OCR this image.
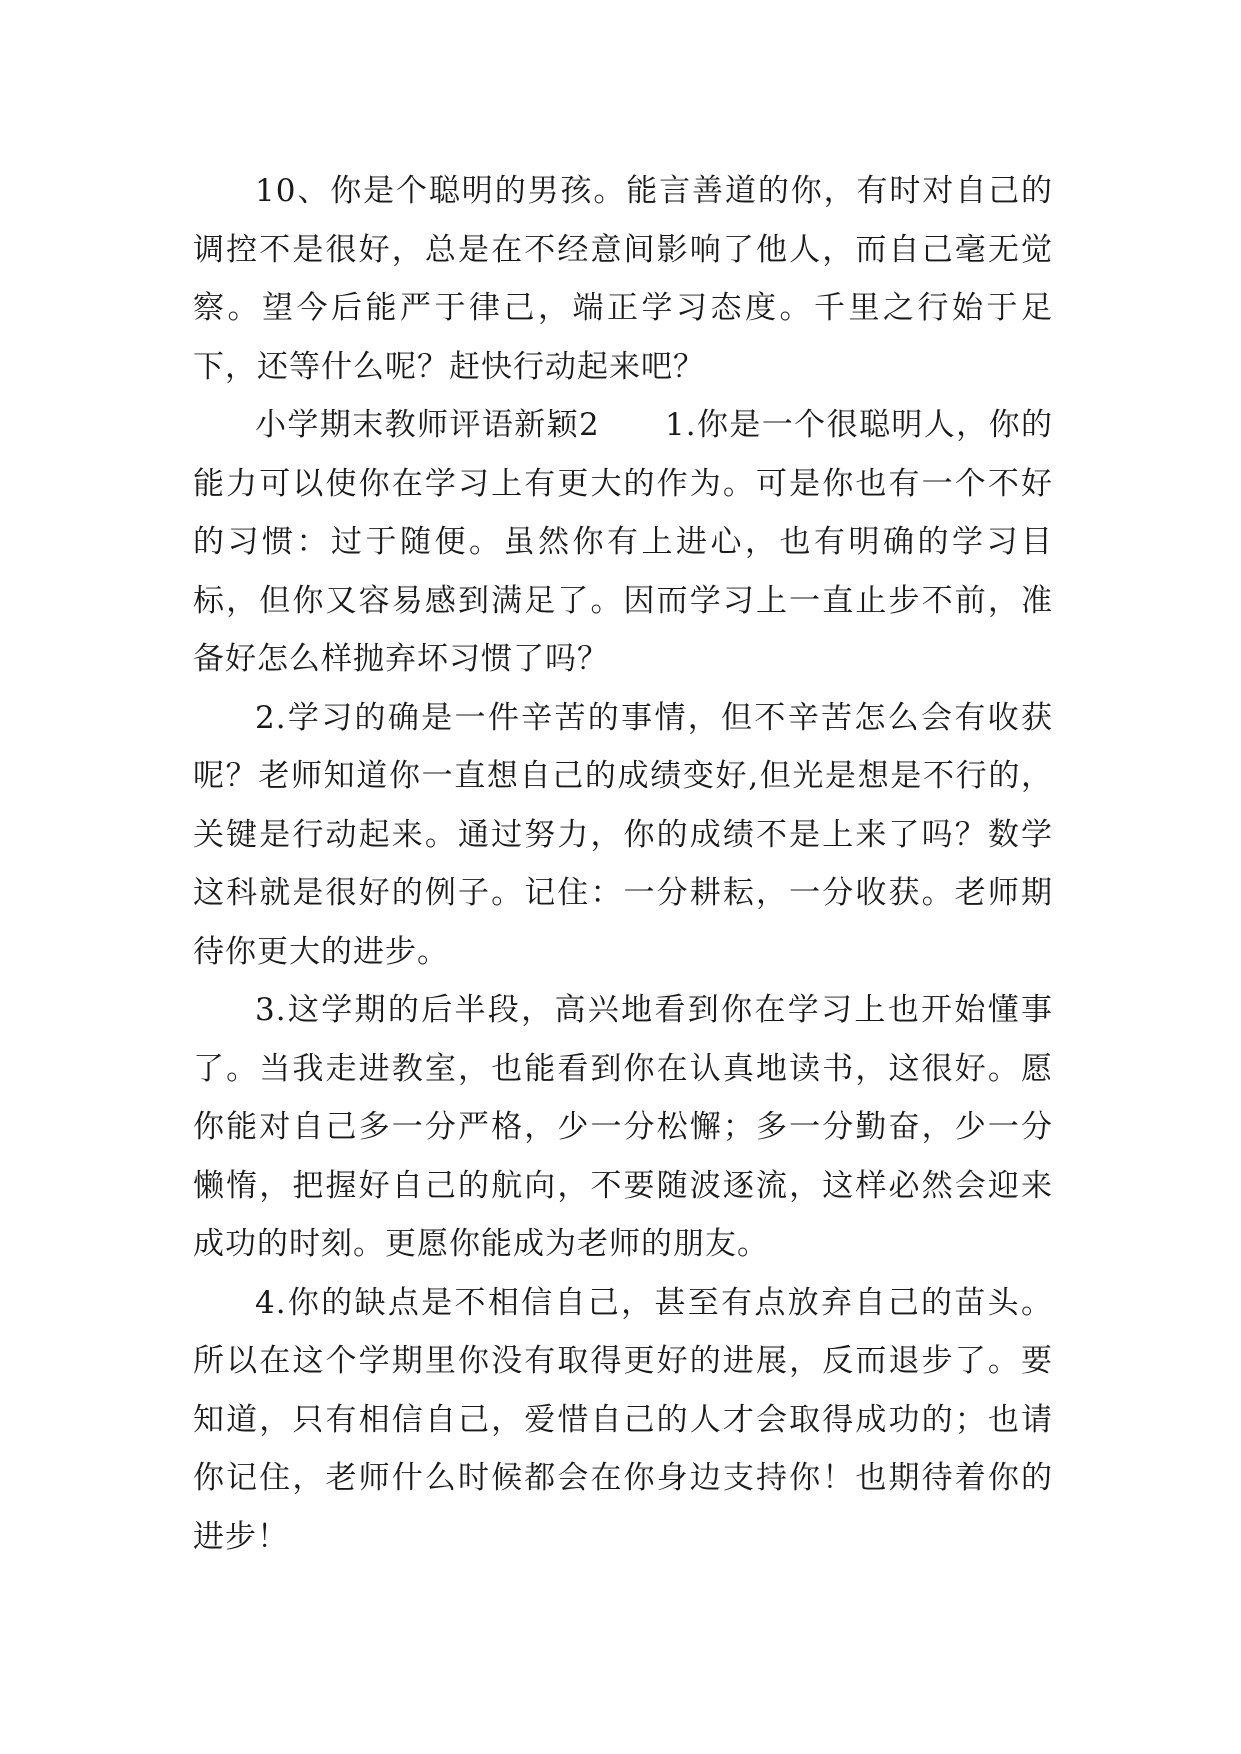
10、你是个聪明的男孩。能言善道的你，有时对自己的调控不是很好，总是在不经意间影响了他人，而自己毫无觉察。望今后能严于律己，端正学习态度。千里之行始于足下，还等什么呢？赶快行动起来吧？

小学期末教师评语新颖2　　1.你是一个很聪明人，你的能力可以使你在学习上有更大的作为。可是你也有一个不好的习惯：过于随便。虽然你有上进心，也有明确的学习目标，但你又容易感到满足了。因而学习上一直止步不前，准备好怎么样抛弃坏习惯了吗？

2.学习的确是一件辛苦的事情，但不辛苦怎么会有收获呢？老师知道你一直想自己的成绩变好,但光是想是不行的，关键是行动起来。通过努力，你的成绩不是上来了吗？数学这科就是很好的例子。记住：一分耕耘，一分收获。老师期待你更大的进步。

3.这学期的后半段，高兴地看到你在学习上也开始懂事了。当我走进教室，也能看到你在认真地读书，这很好。愿你能对自己多一分严格，少一分松懈；多一分勤奋，少一分懒惰，把握好自己的航向，不要随波逐流，这样必然会迎来成功的时刻。更愿你能成为老师的朋友。

4.你的缺点是不相信自己，甚至有点放弃自己的苗头。所以在这个学期里你没有取得更好的进展，反而退步了。要知道，只有相信自己，爱惜自己的人才会取得成功的；也请你记住，老师什么时候都会在你身边支持你！也期待着你的进步！
